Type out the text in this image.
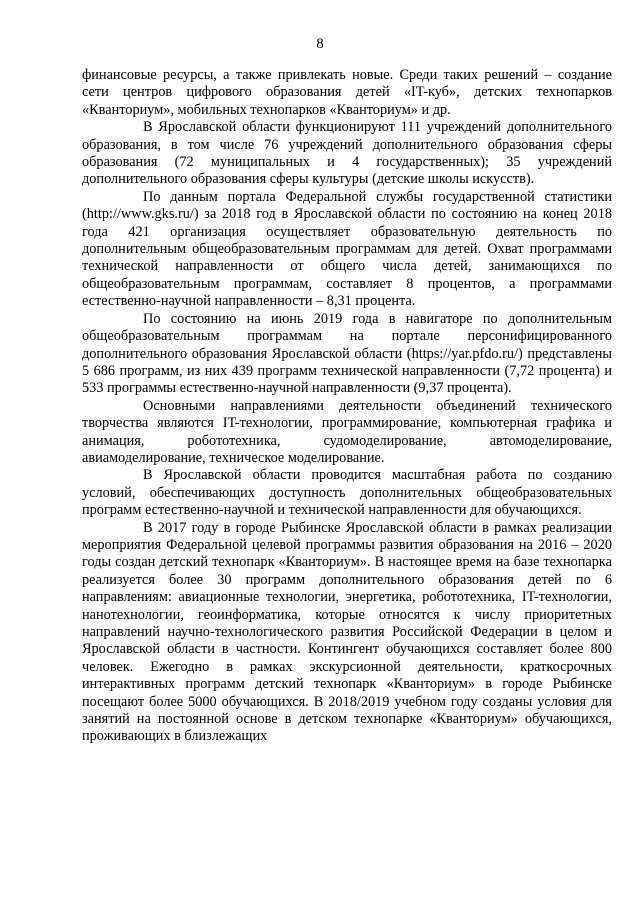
8

финансовые ресурсы, а также привлекать новые. Среди таких решений – создание сети центров цифрового образования детей «IT-куб», детских технопарков «Кванториум», мобильных технопарков «Кванториум» и др.

В Ярославской области функционируют 111 учреждений дополнительного образования, в том числе 76 учреждений дополнительного образования сферы образования (72 муниципальных и 4 государственных); 35 учреждений дополнительного образования сферы культуры (детские школы искусств).

По данным портала Федеральной службы государственной статистики (http://www.gks.ru/) за 2018 год в Ярославской области по состоянию на конец 2018 года 421 организация осуществляет образовательную деятельность по дополнительным общеобразовательным программам для детей. Охват программами технической направленности от общего числа детей, занимающихся по общеобразовательным программам, составляет 8 процентов, а программами естественно-научной направленности – 8,31 процента.

По состоянию на июнь 2019 года в навигаторе по дополнительным общеобразовательным программам на портале персонифицированного дополнительного образования Ярославской области (https://yar.pfdo.ru/) представлены 5 686 программ, из них 439 программ технической направленности (7,72 процента) и 533 программы естественно-научной направленности (9,37 процента).

Основными направлениями деятельности объединений технического творчества являются IT-технологии, программирование, компьютерная графика и анимация, робототехника, судомоделирование, автомоделирование, авиамоделирование, техническое моделирование.

В Ярославской области проводится масштабная работа по созданию условий, обеспечивающих доступность дополнительных общеобразовательных программ естественно-научной и технической направленности для обучающихся.

В 2017 году в городе Рыбинске Ярославской области в рамках реализации мероприятия Федеральной целевой программы развития образования на 2016 – 2020 годы создан детский технопарк «Кванториум». В настоящее время на базе технопарка реализуется более 30 программ дополнительного образования детей по 6 направлениям: авиационные технологии, энергетика, робототехника, IT-технологии, нанотехнологии, геоинформатика, которые относятся к числу приоритетных направлений научно-технологического развития Российской Федерации в целом и Ярославской области в частности. Контингент обучающихся составляет более 800 человек. Ежегодно в рамках экскурсионной деятельности, краткосрочных интерактивных программ детский технопарк «Кванториум» в городе Рыбинске посещают более 5000 обучающихся. В 2018/2019 учебном году созданы условия для занятий на постоянной основе в детском технопарке «Кванториум» обучающихся, проживающих в близлежащих
